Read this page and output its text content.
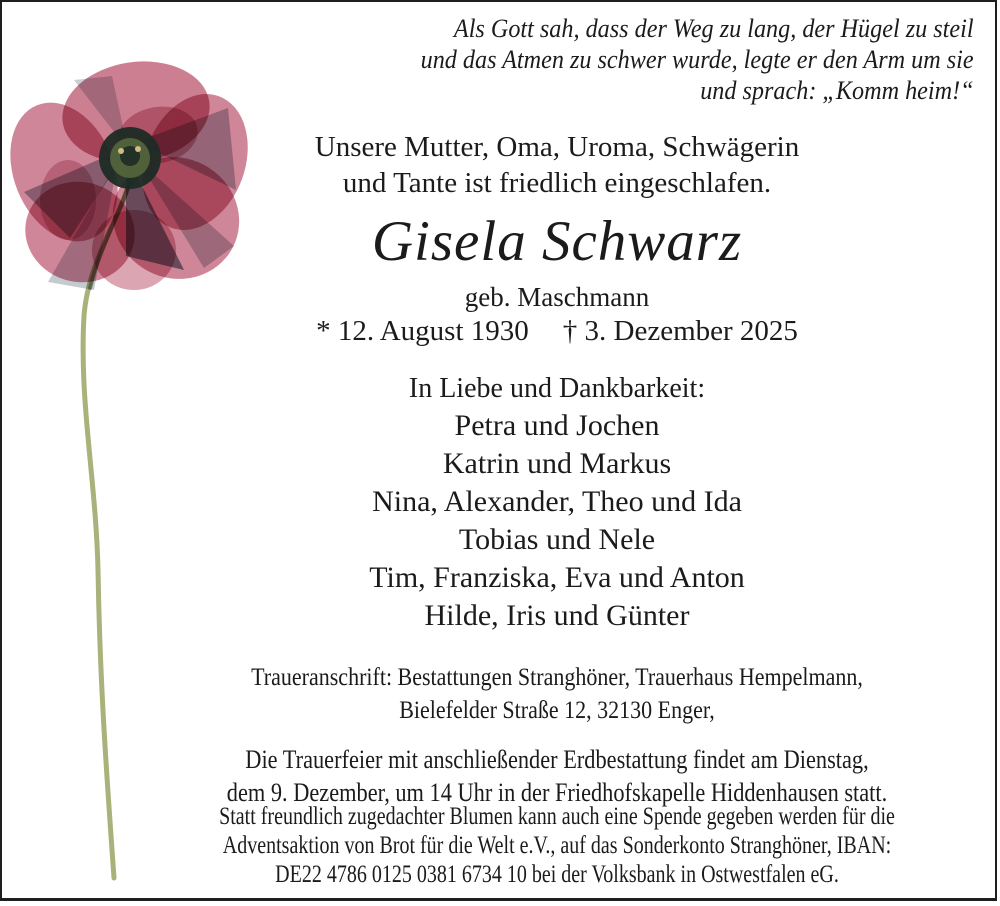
Als Gott sah, dass der Weg zu lang, der Hügel zu steil
und das Atmen zu schwer wurde, legte er den Arm um sie
und sprach: „Komm heim!“
Unsere Mutter, Oma, Uroma, Schwägerin
und Tante ist friedlich eingeschlafen.
Gisela Schwarz
geb. Maschmann
* 12. August 1930 † 3. Dezember 2025
In Liebe und Dankbarkeit:
Petra und Jochen
Katrin und Markus
Nina, Alexander, Theo und Ida
Tobias und Nele
Tim, Franziska, Eva und Anton
Hilde, Iris und Günter
Traueranschrift: Bestattungen Stranghöner, Trauerhaus Hempelmann,
Bielefelder Straße 12, 32130 Enger,
Die Trauerfeier mit anschließender Erdbestattung findet am Dienstag,
dem 9. Dezember, um 14 Uhr in der Friedhofskapelle Hiddenhausen statt.
Statt freundlich zugedachter Blumen kann auch eine Spende gegeben werden für die
Adventsaktion von Brot für die Welt e.V., auf das Sonderkonto Stranghöner, IBAN:
DE22 4786 0125 0381 6734 10 bei der Volksbank in Ostwestfalen eG.
